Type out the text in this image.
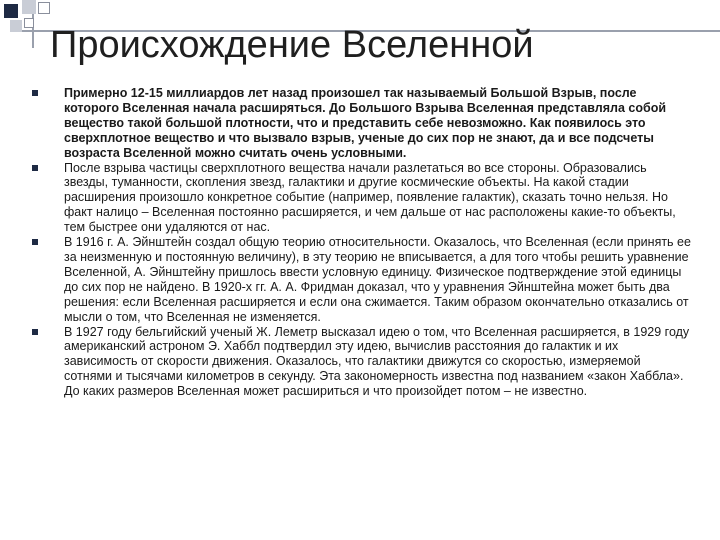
Происхождение Вселенной
Примерно 12-15 миллиардов лет назад произошел так называемый Большой Взрыв, после которого Вселенная начала расширяться. До Большого Взрыва Вселенная представляла собой вещество такой большой плотности, что и представить себе невозможно. Как появилось это сверхплотное вещество и что вызвало взрыв, ученые до сих пор не знают, да и все подсчеты возраста Вселенной можно считать очень условными.
После взрыва частицы сверхплотного вещества начали разлетаться во все стороны. Образовались звезды, туманности, скопления звезд, галактики и другие космические объекты. На какой стадии расширения произошло конкретное событие (например, появление галактик), сказать точно нельзя. Но факт налицо – Вселенная постоянно расширяется, и чем дальше от нас расположены какие-то объекты, тем быстрее они удаляются от нас.
В 1916 г. А. Эйнштейн создал общую теорию относительности. Оказалось, что Вселенная (если принять ее за неизменную и постоянную величину), в эту теорию не вписывается, а для того чтобы решить уравнение Вселенной, А. Эйнштейну пришлось ввести условную единицу. Физическое подтверждение этой единицы до сих пор не найдено. В 1920-х гг. А. А. Фридман доказал, что у уравнения Эйнштейна может быть два решения: если Вселенная расширяется и если она сжимается. Таким образом окончательно отказались от мысли о том, что Вселенная не изменяется.
В 1927 году бельгийский ученый Ж. Леметр высказал идею о том, что Вселенная расширяется, в 1929 году американский астроном Э. Хаббл подтвердил эту идею, вычислив расстояния до галактик и их зависимость от скорости движения. Оказалось, что галактики движутся со скоростью, измеряемой сотнями и тысячами километров в секунду. Эта закономерность известна под названием «закон Хаббла». До каких размеров Вселенная может расшириться и что произойдет потом – не известно.
